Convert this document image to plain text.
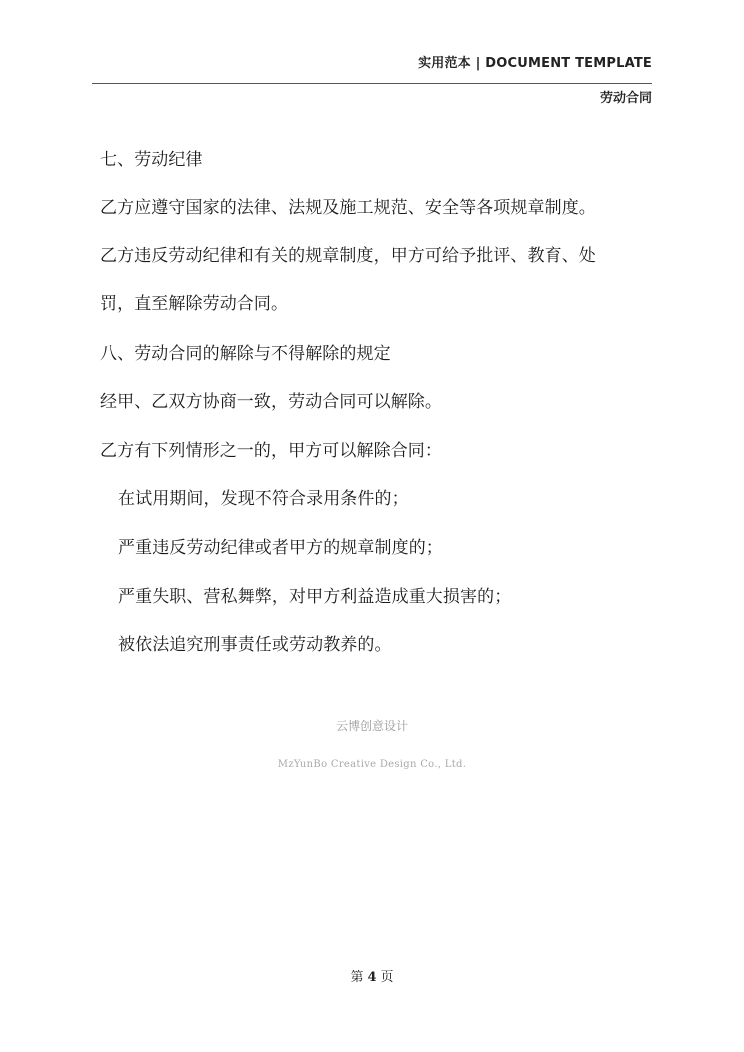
实用范本 | DOCUMENT TEMPLATE
劳动合同
七、劳动纪律
乙方应遵守国家的法律、法规及施工规范、安全等各项规章制度。
乙方违反劳动纪律和有关的规章制度，甲方可给予批评、教育、处
罚，直至解除劳动合同。
八、劳动合同的解除与不得解除的规定
经甲、乙双方协商一致，劳动合同可以解除。
乙方有下列情形之一的，甲方可以解除合同：
在试用期间，发现不符合录用条件的；
严重违反劳动纪律或者甲方的规章制度的；
严重失职、营私舞弊，对甲方利益造成重大损害的；
被依法追究刑事责任或劳动教养的。
云博创意设计
MzYunBo Creative Design Co., Ltd.
第 4 页
